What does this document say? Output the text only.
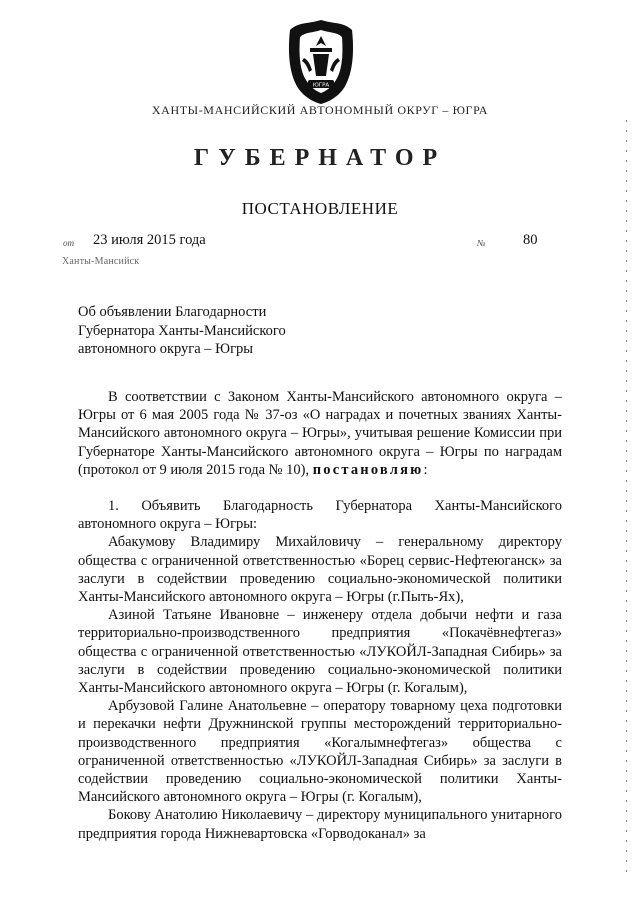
ЮГРА
ХАНТЫ-МАНСИЙСКИЙ АВТОНОМНЫЙ ОКРУГ – ЮГРА
ГУБЕРНАТОР
ПОСТАНОВЛЕНИЕ
от 23 июля 2015 года	№	80
Ханты-Мансийск
Об объявлении Благодарности
Губернатора Ханты-Мансийского
автономного округа – Югры

В соответствии с Законом Ханты-Мансийского автономного округа – Югры от 6 мая 2005 года № 37-оз «О наградах и почетных званиях Ханты-Мансийского автономного округа – Югры», учитывая решение Комиссии при Губернаторе Ханты-Мансийского автономного округа – Югры по наградам (протокол от 9 июля 2015 года № 10), постановляю:

1. Объявить Благодарность Губернатора Ханты-Мансийского автономного округа – Югры:

Абакумову Владимиру Михайловичу – генеральному директору общества с ограниченной ответственностью «Борец сервис-Нефтеюганск» за заслуги в содействии проведению социально-экономической политики Ханты-Мансийского автономного округа – Югры (г.Пыть-Ях),

Азиной Татьяне Ивановне – инженеру отдела добычи нефти и газа территориально-производственного предприятия «Покачёвнефтегаз» общества с ограниченной ответственностью «ЛУКОЙЛ-Западная Сибирь» за заслуги в содействии проведению социально-экономической политики Ханты-Мансийского автономного округа – Югры (г. Когалым),

Арбузовой Галине Анатольевне – оператору товарному цеха подготовки и перекачки нефти Дружнинской группы месторождений территориально-производственного предприятия «Когалымнефтегаз» общества с ограниченной ответственностью «ЛУКОЙЛ-Западная Сибирь» за заслуги в содействии проведению социально-экономической политики Ханты-Мансийского автономного округа – Югры (г. Когалым),

Бокову Анатолию Николаевичу – директору муниципального унитарного предприятия города Нижневартовска «Горводоканал» за
